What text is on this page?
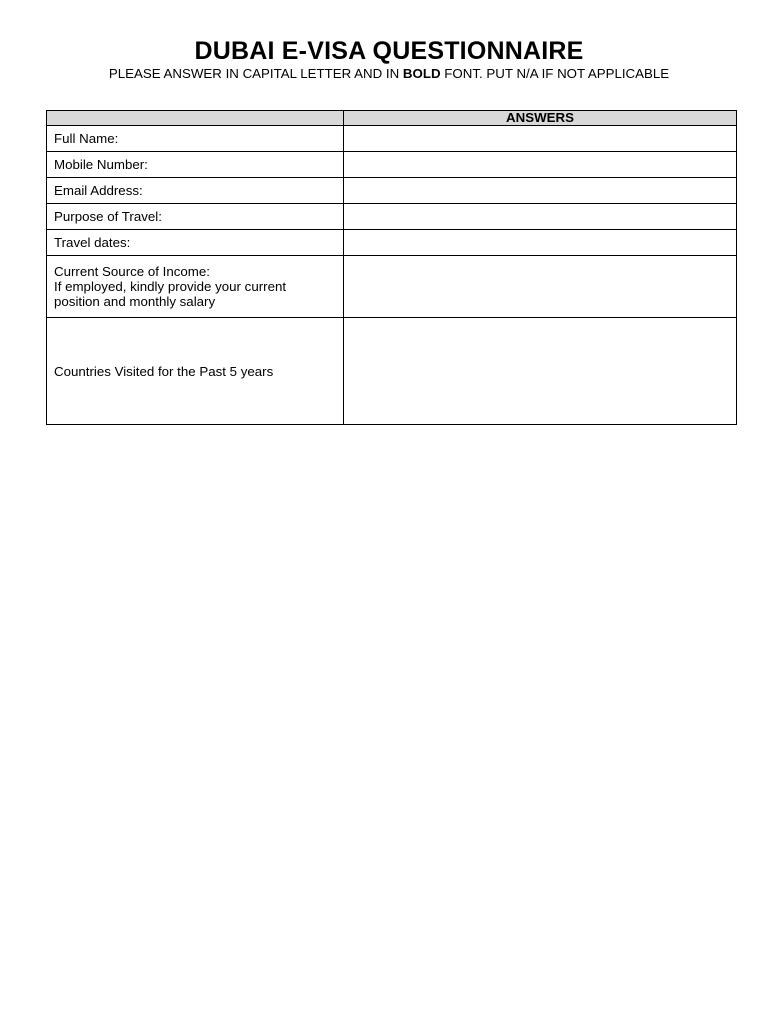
DUBAI E-VISA QUESTIONNAIRE
PLEASE ANSWER IN CAPITAL LETTER AND IN BOLD FONT. PUT N/A IF NOT APPLICABLE
	ANSWERS
Full Name:	
Mobile Number:	
Email Address:	
Purpose of Travel:	
Travel dates:	

Current Source of Income:
If employed, kindly provide your current
position and monthly salary	

Countries Visited for the Past 5 years	
